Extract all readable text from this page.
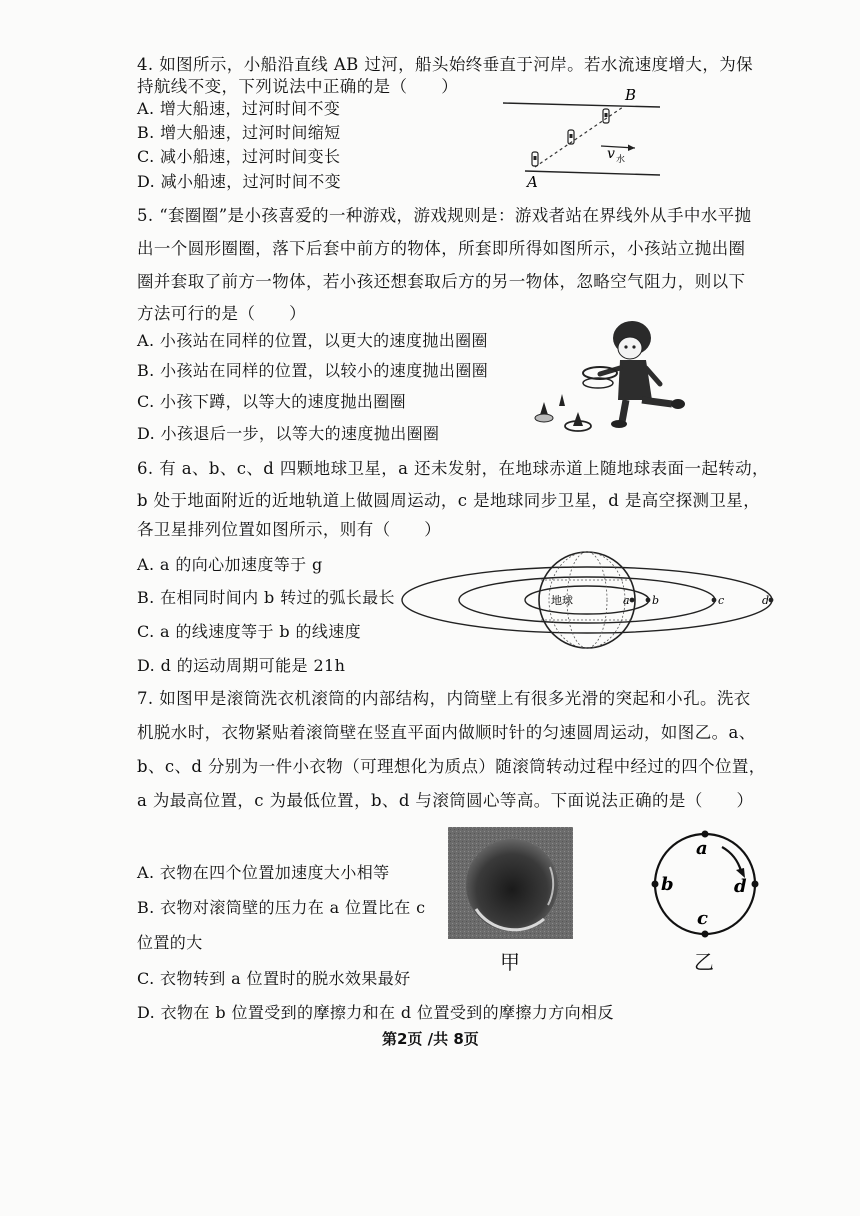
4. 如图所示，小船沿直线 AB 过河，船头始终垂直于河岸。若水流速度增大，为保
持航线不变，下列说法中正确的是（　　）
A. 增大船速，过河时间不变
B. 增大船速，过河时间缩短
C. 减小船速，过河时间变长
D. 减小船速，过河时间不变
B
A
v 水
5. “套圈圈”是小孩喜爱的一种游戏，游戏规则是：游戏者站在界线外从手中水平抛
出一个圆形圈圈，落下后套中前方的物体，所套即所得如图所示，小孩站立抛出圈
圈并套取了前方一物体，若小孩还想套取后方的另一物体，忽略空气阻力，则以下
方法可行的是（　　）
A. 小孩站在同样的位置，以更大的速度抛出圈圈
B. 小孩站在同样的位置，以较小的速度抛出圈圈
C. 小孩下蹲，以等大的速度抛出圈圈
D. 小孩退后一步，以等大的速度抛出圈圈
6. 有 a、b、c、d 四颗地球卫星，a 还未发射，在地球赤道上随地球表面一起转动，
b 处于地面附近的近地轨道上做圆周运动，c 是地球同步卫星，d 是高空探测卫星，
各卫星排列位置如图所示，则有（　　）
A. a 的向心加速度等于 g
B. 在相同时间内 b 转过的弧长最长
C. a 的线速度等于 b 的线速度
D. d 的运动周期可能是 21h
地球	a b	c	d
7. 如图甲是滚筒洗衣机滚筒的内部结构，内筒壁上有很多光滑的突起和小孔。洗衣
机脱水时，衣物紧贴着滚筒壁在竖直平面内做顺时针的匀速圆周运动，如图乙。a、
b、c、d 分别为一件小衣物（可理想化为质点）随滚筒转动过程中经过的四个位置，
a 为最高位置，c 为最低位置，b、d 与滚筒圆心等高。下面说法正确的是（　　）
A. 衣物在四个位置加速度大小相等
B. 衣物对滚筒壁的压力在 a 位置比在 c
位置的大
C. 衣物转到 a 位置时的脱水效果最好
D. 衣物在 b 位置受到的摩擦力和在 d 位置受到的摩擦力方向相反
甲
a
b
c
d
乙
第2页 /共 8页
